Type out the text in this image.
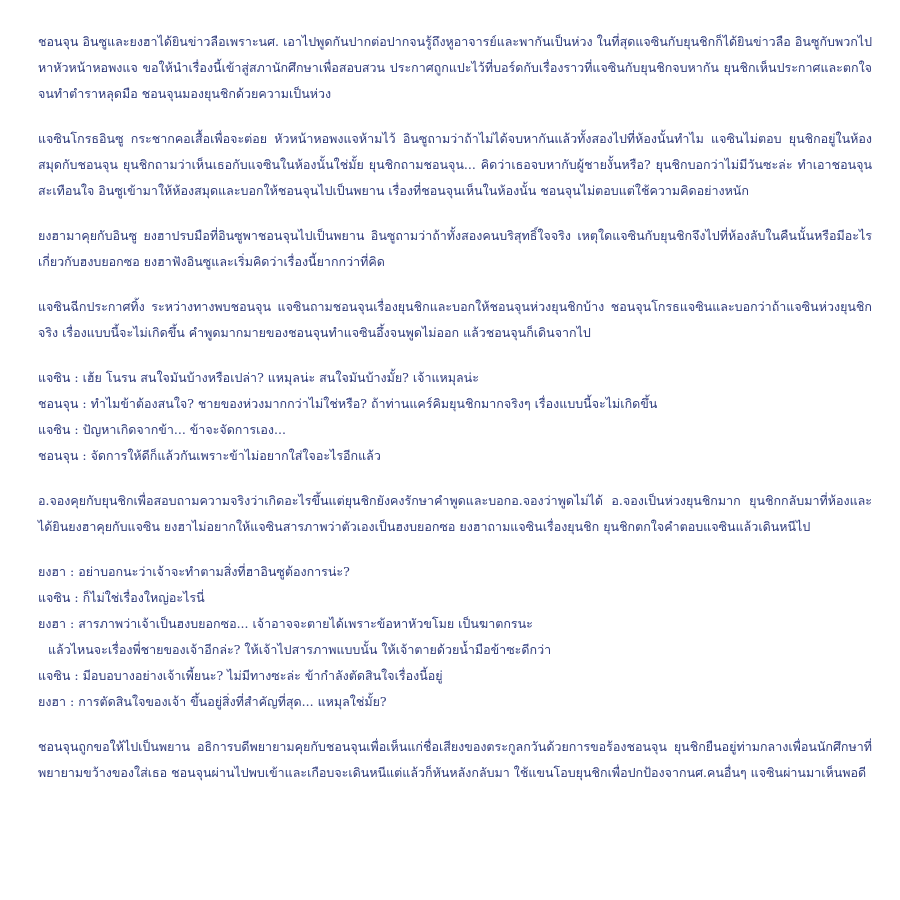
ชอนจุน อินซูและยงฮาได้ยินข่าวลือเพราะนศ. เอาไปพูดกันปากต่อปากจนรู้ถึงหูอาจารย์และพากันเป็นห่วง ในที่สุดแจซินกับยุนชิกก็ได้ยินข่าวลือ อินซูกับพวกไปหาหัวหน้าหอพงแจ ขอให้นำเรื่องนี้เข้าสู่สภานักศึกษาเพื่อสอบสวน ประกาศถูกแปะไว้ที่บอร์ดกับเรื่องราวที่แจซินกับยุนชิกจบหากัน ยุนชิกเห็นประกาศและตกใจจนทำตำราหลุดมือ ชอนจุนมองยุนชิกด้วยความเป็นห่วง

แจซินโกรธอินซู กระชากคอเสื้อเพื่อจะต่อย หัวหน้าหอพงแจห้ามไว้ อินซูถามว่าถ้าไม่ได้จบหากันแล้วทั้งสองไปที่ห้องนั้นทำไม แจซินไม่ตอบ ยุนชิกอยู่ในห้องสมุดกับชอนจุน ยุนชิกถามว่าเห็นเธอกับแจซินในห้องนั้นใช่มั้ย ยุนชิกถามชอนจุน... คิดว่าเธอจบหากับผู้ชายงั้นหรือ? ยุนชิกบอกว่าไม่มีวันซะล่ะ ทำเอาชอนจุนสะเทือนใจ อินซูเข้ามาให้ห้องสมุดและบอกให้ชอนจุนไปเป็นพยาน เรื่องที่ชอนจุนเห็นในห้องนั้น ชอนจุนไม่ตอบแต่ใช้ความคิดอย่างหนัก

ยงฮามาคุยกับอินซู ยงฮาปรบมือที่อินซูพาชอนจุนไปเป็นพยาน อินซูถามว่าถ้าทั้งสองคนบริสุทธิ์ใจจริง เหตุใดแจซินกับยุนชิกจึงไปที่ห้องลับในคืนนั้นหรือมีอะไรเกี่ยวกับฮงบยอกซอ ยงฮาฟังอินซูและเริ่มคิดว่าเรื่องนี้ยากกว่าที่คิด

แจซินฉีกประกาศทิ้ง ระหว่างทางพบชอนจุน แจซินถามชอนจุนเรื่องยุนชิกและบอกให้ชอนจุนห่วงยุนชิกบ้าง ชอนจุนโกรธแจซินและบอกว่าถ้าแจซินห่วงยุนชิกจริง เรื่องแบบนี้จะไม่เกิดขึ้น คำพูดมากมายของชอนจุนทำแจซินอึ้งจนพูดไม่ออก แล้วชอนจุนก็เดินจากไป

แจซิน : เฮ้ย โนรน สนใจมันบ้างหรือเปล่า? แหมุลน่ะ สนใจมันบ้างมั้ย? เจ้าแหมุลน่ะ
ชอนจุน : ทำไมข้าต้องสนใจ? ชายของห่วงมากกว่าไม่ใช่หรือ? ถ้าท่านแคร์คิมยุนชิกมากจริงๆ เรื่องแบบนี้จะไม่เกิดขึ้น
แจซิน : ปัญหาเกิดจากข้า... ข้าจะจัดการเอง...
ชอนจุน : จัดการให้ดีก็แล้วกันเพราะข้าไม่อยากใส่ใจอะไรอีกแล้ว

อ.จองคุยกับยุนชิกเพื่อสอบถามความจริงว่าเกิดอะไรขึ้นแต่ยุนชิกยังคงรักษาคำพูดและบอกอ.จองว่าพูดไม่ได้ อ.จองเป็นห่วงยุนชิกมาก ยุนชิกกลับมาที่ห้องและได้ยินยงฮาคุยกับแจซิน ยงฮาไม่อยากให้แจซินสารภาพว่าตัวเองเป็นฮงบยอกซอ ยงฮาถามแจซินเรื่องยุนชิก ยุนชิกตกใจคำตอบแจซินแล้วเดินหนีไป

ยงฮา : อย่าบอกนะว่าเจ้าจะทำตามสิ่งที่ฮาอินซูต้องการน่ะ?
แจซิน : ก็ไม่ใช่เรื่องใหญ่อะไรนี่
ยงฮา : สารภาพว่าเจ้าเป็นฮงบยอกซอ... เจ้าอาจจะตายได้เพราะข้อหาหัวขโมย เป็นฆาตกรนะ
แล้วไหนจะเรื่องพี่ชายของเจ้าอีกล่ะ? ให้เจ้าไปสารภาพแบบนั้น ให้เจ้าตายด้วยน้ำมือข้าซะดีกว่า
แจซิน : มีอบอบางอย่างเจ้าเพี้ยนะ? ไม่มีทางซะล่ะ ข้ากำลังตัดสินใจเรื่องนี้อยู่
ยงฮา : การตัดสินใจของเจ้า ขึ้นอยู่สิ่งที่สำคัญที่สุด... แหมุลใช่มั้ย?

ชอนจุนถูกขอให้ไปเป็นพยาน อธิการบดีพยายามคุยกับชอนจุนเพื่อเห็นแก่ชื่อเสียงของตระกูลกวันด้วยการขอร้องชอนจุน ยุนชิกยืนอยู่ท่ามกลางเพื่อนนักศึกษาที่พยายามขว้างของใส่เธอ ชอนจุนผ่านไปพบเข้าและเกือบจะเดินหนีแต่แล้วก็หันหลังกลับมา ใช้แขนโอบยุนชิกเพื่อปกป้องจากนศ.คนอื่นๆ แจซินผ่านมาเห็นพอดี
